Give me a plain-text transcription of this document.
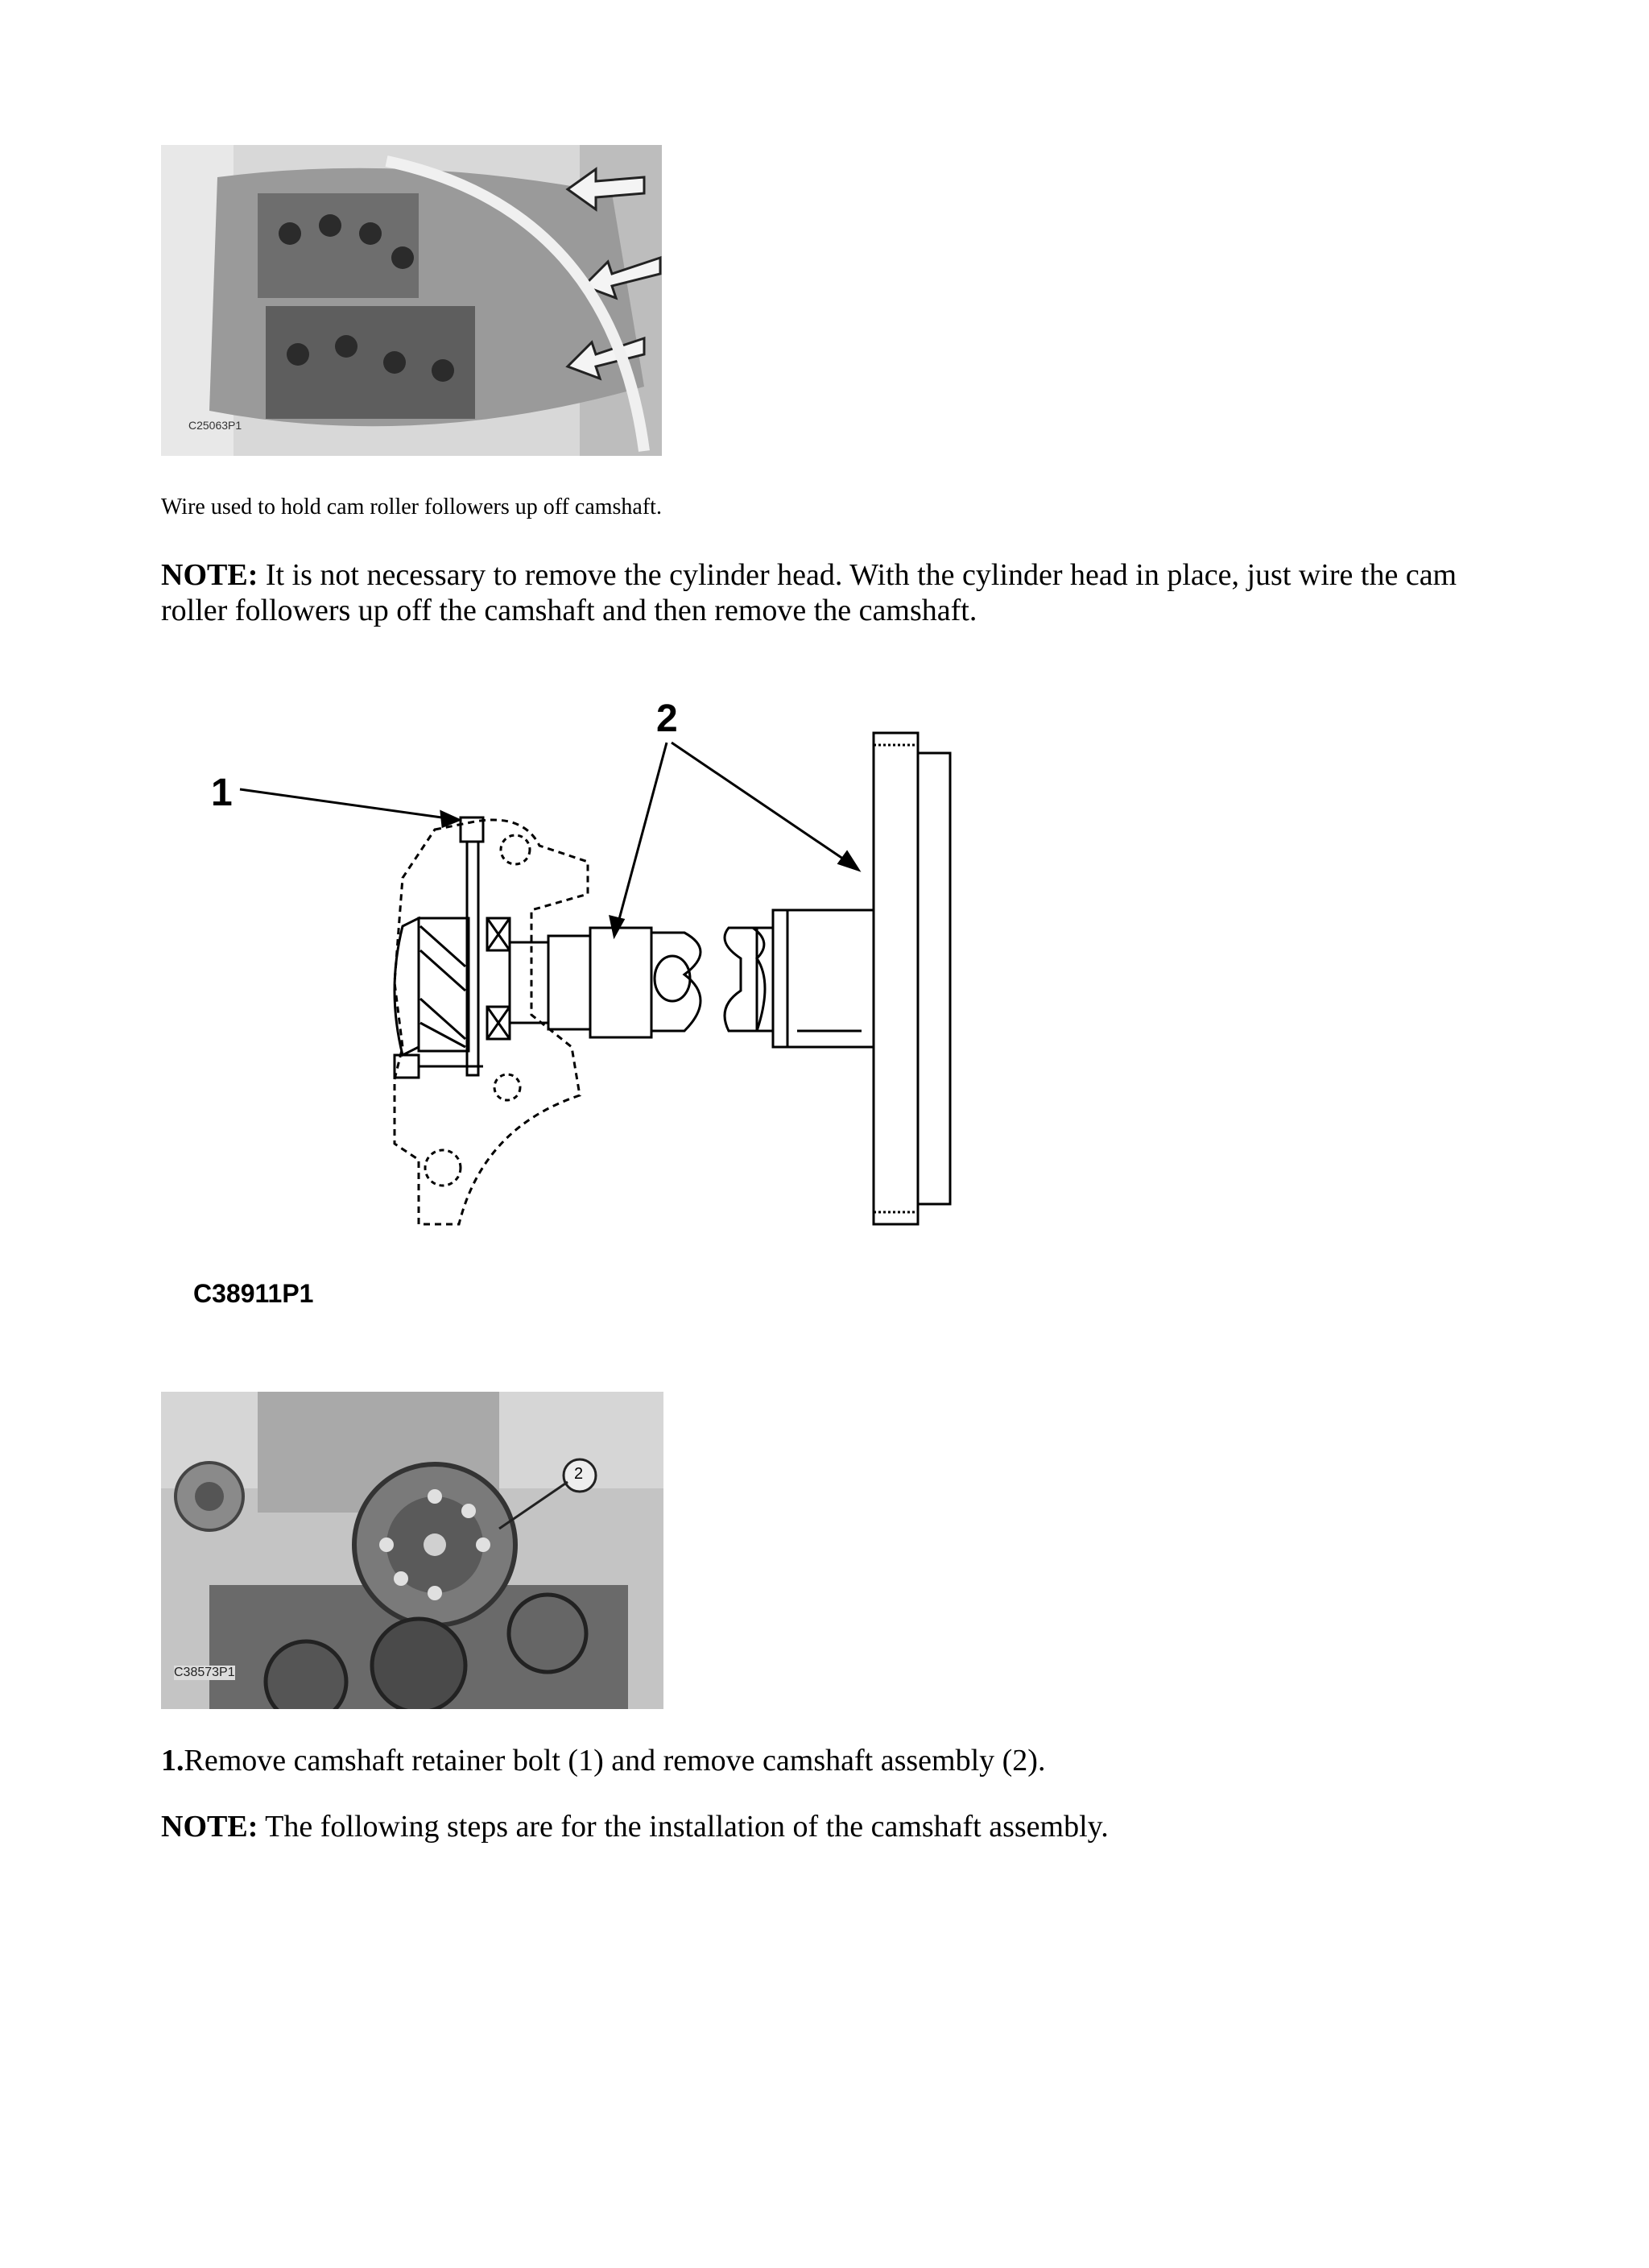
C25063P1
Wire used to hold cam roller followers up off camshaft.
NOTE: It is not necessary to remove the cylinder head. With the cylinder head in place, just wire the cam roller followers up off the camshaft and then remove the camshaft.
1
2
C38911P1
2
C38573P1
1.Remove camshaft retainer bolt (1) and remove camshaft assembly (2).
NOTE: The following steps are for the installation of the camshaft assembly.
